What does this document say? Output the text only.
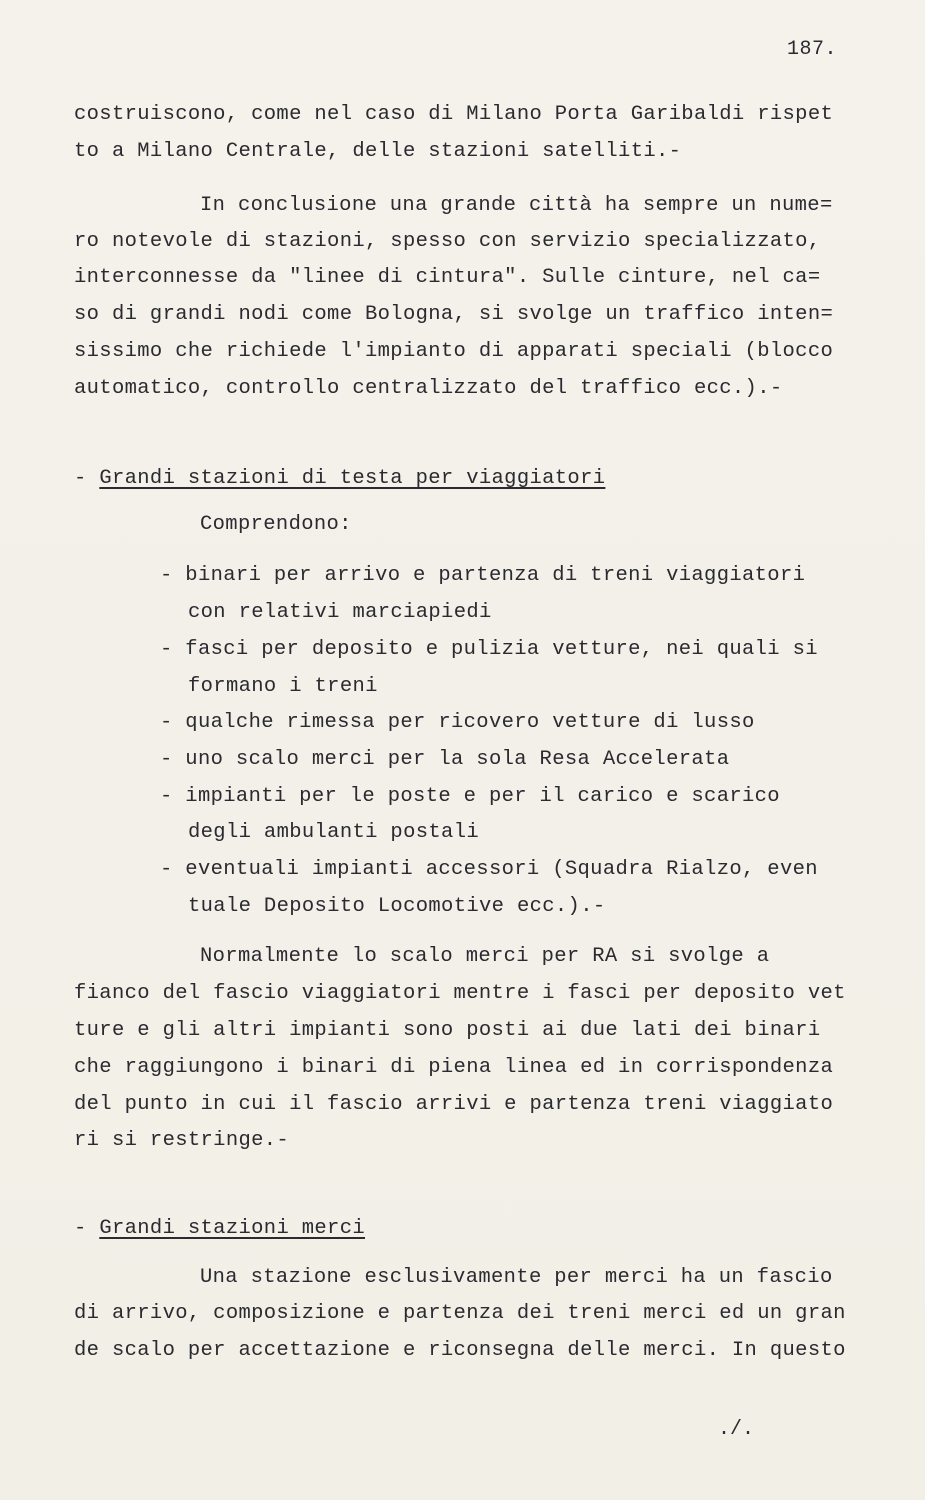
187.
costruiscono, come nel caso di Milano Porta Garibaldi rispet
to a Milano Centrale, delle stazioni satelliti.-
In conclusione una grande città ha sempre un nume=
ro notevole di stazioni, spesso con servizio specializzato,
interconnesse da "linee di cintura". Sulle cinture, nel ca=
so di grandi nodi come Bologna, si svolge un traffico inten=
sissimo che richiede l'impianto di apparati speciali (blocco
automatico, controllo centralizzato del traffico ecc.).-
- Grandi stazioni di testa per viaggiatori
Comprendono:
- binari per arrivo e partenza di treni viaggiatori
con relativi marciapiedi
- fasci per deposito e pulizia vetture, nei quali si
formano i treni
- qualche rimessa per ricovero vetture di lusso
- uno scalo merci per la sola Resa Accelerata
- impianti per le poste e per il carico e scarico
degli ambulanti postali
- eventuali impianti accessori (Squadra Rialzo, even
tuale Deposito Locomotive ecc.).-
Normalmente lo scalo merci per RA si svolge a
fianco del fascio viaggiatori mentre i fasci per deposito vet
ture e gli altri impianti sono posti ai due lati dei binari
che raggiungono i binari di piena linea ed in corrispondenza
del punto in cui il fascio arrivi e partenza treni viaggiato
ri si restringe.-
- Grandi stazioni merci
Una stazione esclusivamente per merci ha un fascio
di arrivo, composizione e partenza dei treni merci ed un gran
de scalo per accettazione e riconsegna delle merci. In questo
./.
